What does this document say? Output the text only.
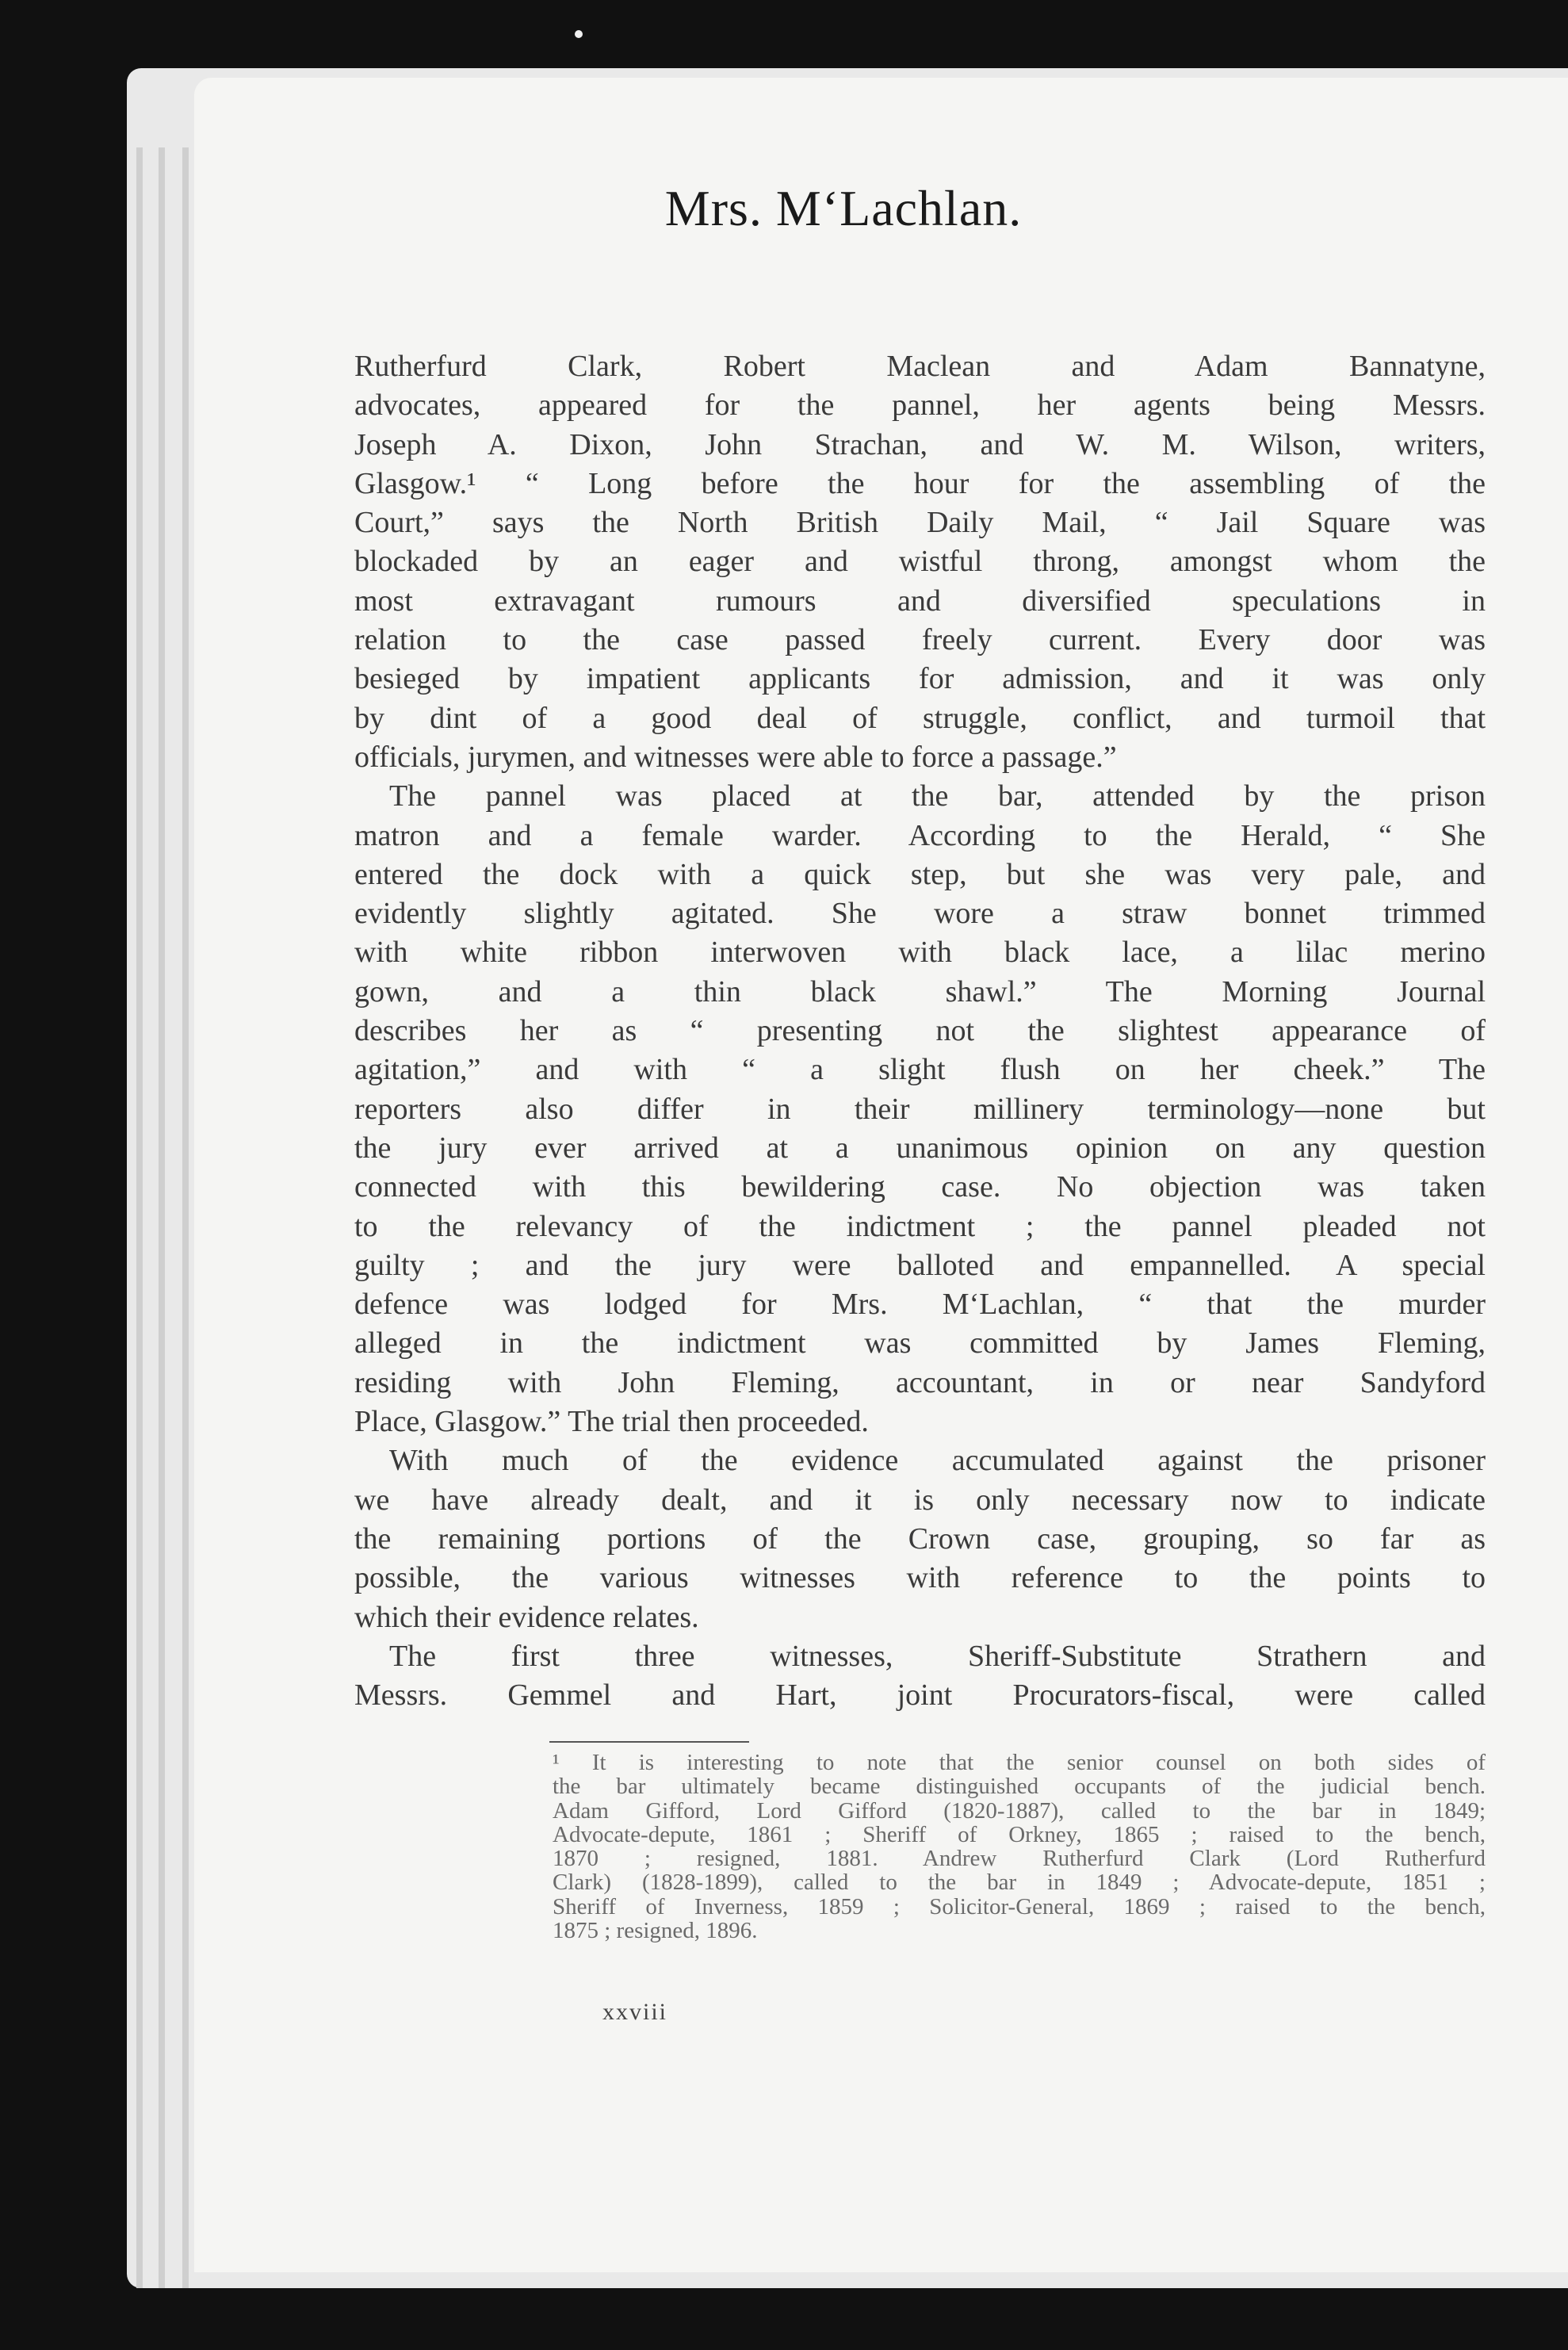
Mrs. M‘Lachlan.
Rutherfurd Clark, Robert Maclean and Adam Bannatyne,
advocates, appeared for the pannel, her agents being Messrs.
Joseph A. Dixon, John Strachan, and W. M. Wilson, writers,
Glasgow.¹ “ Long before the hour for the assembling of the
Court,” says the North British Daily Mail, “ Jail Square was
blockaded by an eager and wistful throng, amongst whom the
most extravagant rumours and diversified speculations in
relation to the case passed freely current. Every door was
besieged by impatient applicants for admission, and it was only
by dint of a good deal of struggle, conflict, and turmoil that
officials, jurymen, and witnesses were able to force a passage.”
The pannel was placed at the bar, attended by the prison
matron and a female warder. According to the Herald, “ She
entered the dock with a quick step, but she was very pale, and
evidently slightly agitated. She wore a straw bonnet trimmed
with white ribbon interwoven with black lace, a lilac merino
gown, and a thin black shawl.” The Morning Journal
describes her as “ presenting not the slightest appearance of
agitation,” and with “ a slight flush on her cheek.” The
reporters also differ in their millinery terminology—none but
the jury ever arrived at a unanimous opinion on any question
connected with this bewildering case. No objection was taken
to the relevancy of the indictment ; the pannel pleaded not
guilty ; and the jury were balloted and empannelled. A special
defence was lodged for Mrs. M‘Lachlan, “ that the murder
alleged in the indictment was committed by James Fleming,
residing with John Fleming, accountant, in or near Sandyford
Place, Glasgow.” The trial then proceeded.
With much of the evidence accumulated against the prisoner
we have already dealt, and it is only necessary now to indicate
the remaining portions of the Crown case, grouping, so far as
possible, the various witnesses with reference to the points to
which their evidence relates.
The first three witnesses, Sheriff-Substitute Strathern and
Messrs. Gemmel and Hart, joint Procurators-fiscal, were called
¹ It is interesting to note that the senior counsel on both sides of
the bar ultimately became distinguished occupants of the judicial bench.
Adam Gifford, Lord Gifford (1820-1887), called to the bar in 1849;
Advocate-depute, 1861 ; Sheriff of Orkney, 1865 ; raised to the bench,
1870 ; resigned, 1881. Andrew Rutherfurd Clark (Lord Rutherfurd
Clark) (1828-1899), called to the bar in 1849 ; Advocate-depute, 1851 ;
Sheriff of Inverness, 1859 ; Solicitor-General, 1869 ; raised to the bench,
1875 ; resigned, 1896.
xxviii
